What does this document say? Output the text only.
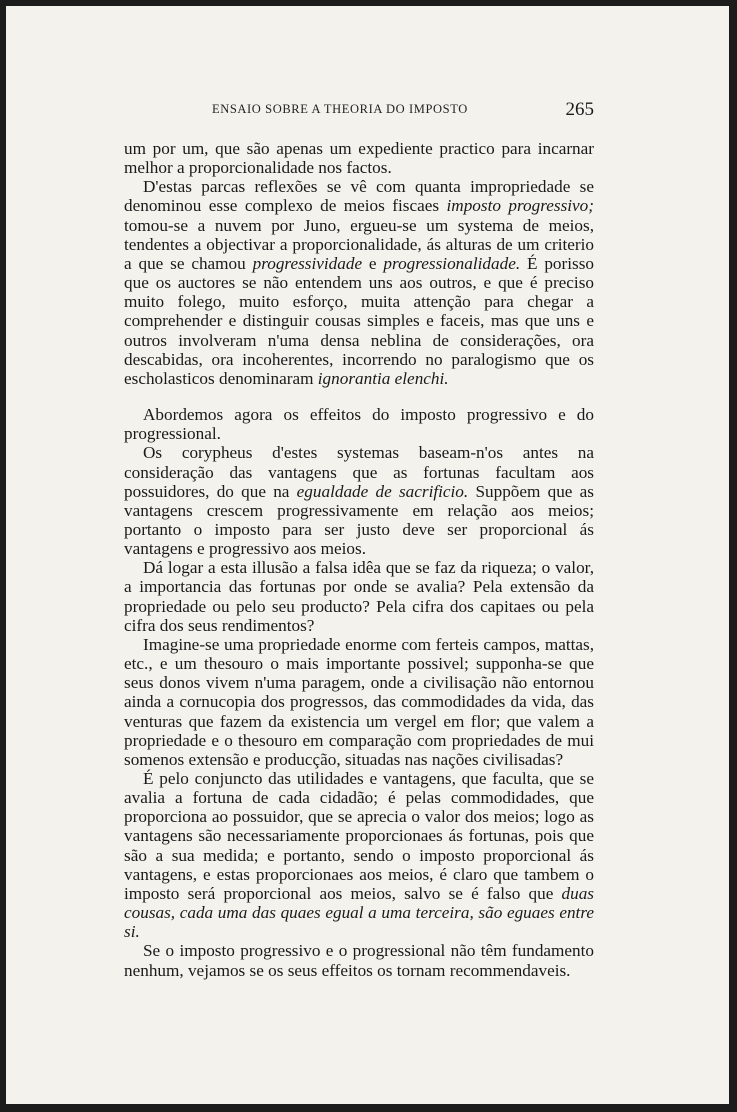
ENSAIO SOBRE A THEORIA DO IMPOSTO	265

um por um, que são apenas um expediente practico para incarnar melhor a proporcionalidade nos factos.

D'estas parcas reflexões se vê com quanta impropriedade se denominou esse complexo de meios fiscaes imposto progressivo; tomou-se a nuvem por Juno, ergueu-se um systema de meios, tendentes a objectivar a proporcionalidade, ás alturas de um criterio a que se chamou progressividade e progressionalidade. É porisso que os auctores se não entendem uns aos outros, e que é preciso muito folego, muito esforço, muita attenção para chegar a comprehender e distinguir cousas simples e faceis, mas que uns e outros involveram n'uma densa neblina de considerações, ora descabidas, ora incoherentes, incorrendo no paralogismo que os escholasticos denominaram ignorantia elenchi.

Abordemos agora os effeitos do imposto progressivo e do progressional.

Os corypheus d'estes systemas baseam-n'os antes na consideração das vantagens que as fortunas facultam aos possuidores, do que na egualdade de sacrificio. Suppõem que as vantagens crescem progressivamente em relação aos meios; portanto o imposto para ser justo deve ser proporcional ás vantagens e progressivo aos meios.

Dá logar a esta illusão a falsa idêa que se faz da riqueza; o valor, a importancia das fortunas por onde se avalia? Pela extensão da propriedade ou pelo seu producto? Pela cifra dos capitaes ou pela cifra dos seus rendimentos?

Imagine-se uma propriedade enorme com ferteis campos, mattas, etc., e um thesouro o mais importante possivel; supponha-se que seus donos vivem n'uma paragem, onde a civilisação não entornou ainda a cornucopia dos progressos, das commodidades da vida, das venturas que fazem da existencia um vergel em flor; que valem a propriedade e o thesouro em comparação com propriedades de mui somenos extensão e producção, situadas nas nações civilisadas?

É pelo conjuncto das utilidades e vantagens, que faculta, que se avalia a fortuna de cada cidadão; é pelas commodidades, que proporciona ao possuidor, que se aprecia o valor dos meios; logo as vantagens são necessariamente proporcionaes ás fortunas, pois que são a sua medida; e portanto, sendo o imposto proporcional ás vantagens, e estas proporcionaes aos meios, é claro que tambem o imposto será proporcional aos meios, salvo se é falso que duas cousas, cada uma das quaes egual a uma terceira, são eguaes entre si.

Se o imposto progressivo e o progressional não têm fundamento nenhum, vejamos se os seus effeitos os tornam recommendaveis.
